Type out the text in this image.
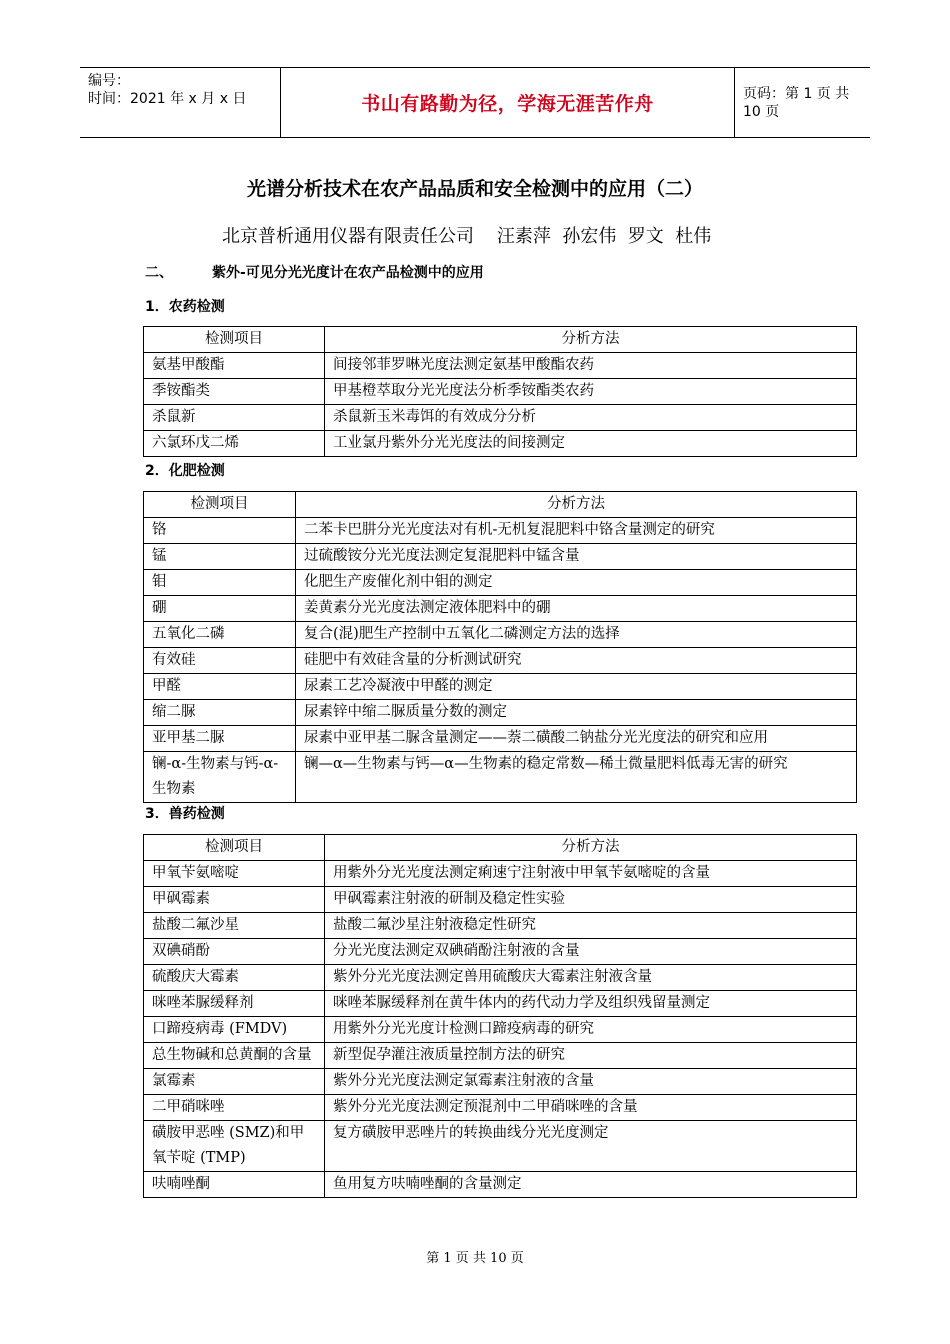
编号：
时间：2021 年 x 月 x 日	书山有路勤为径，学海无涯苦作舟	页码：第 1 页 共 10 页
光谱分析技术在农产品品质和安全检测中的应用（二）
北京普析通用仪器有限责任公司    汪素萍  孙宏伟  罗文  杜伟
二、	紫外-可见分光光度计在农产品检测中的应用
1．农药检测
检测项目	分析方法
氨基甲酸酯	间接邻菲罗啉光度法测定氨基甲酸酯农药
季铵酯类	甲基橙萃取分光光度法分析季铵酯类农药
杀鼠新	杀鼠新玉米毒饵的有效成分分析
六氯环戊二烯	工业氯丹紫外分光光度法的间接测定
2．化肥检测
检测项目	分析方法
铬	二苯卡巴肼分光光度法对有机-无机复混肥料中铬含量测定的研究
锰	过硫酸铵分光光度法测定复混肥料中锰含量
钼	化肥生产废催化剂中钼的测定
硼	姜黄素分光光度法测定液体肥料中的硼
五氧化二磷	复合(混)肥生产控制中五氧化二磷测定方法的选择
有效硅	硅肥中有效硅含量的分析测试研究
甲醛	尿素工艺冷凝液中甲醛的测定
缩二脲	尿素锌中缩二脲质量分数的测定
亚甲基二脲	尿素中亚甲基二脲含量测定——萘二磺酸二钠盐分光光度法的研究和应用
镧-α-生物素与钙-α-生物素	镧—α—生物素与钙—α—生物素的稳定常数—稀土微量肥料低毒无害的研究
3．兽药检测
检测项目	分析方法
甲氧苄氨嘧啶	用紫外分光光度法测定痢速宁注射液中甲氧苄氨嘧啶的含量
甲砜霉素	甲砜霉素注射液的研制及稳定性实验
盐酸二氟沙星	盐酸二氟沙星注射液稳定性研究
双碘硝酚	分光光度法测定双碘硝酚注射液的含量
硫酸庆大霉素	紫外分光光度法测定兽用硫酸庆大霉素注射液含量
咪唑苯脲缓释剂	咪唑苯脲缓释剂在黄牛体内的药代动力学及组织残留量测定
口蹄疫病毒 (FMDV)	用紫外分光光度计检测口蹄疫病毒的研究
总生物碱和总黄酮的含量	新型促孕灌注液质量控制方法的研究
氯霉素	紫外分光光度法测定氯霉素注射液的含量
二甲硝咪唑	紫外分光光度法测定预混剂中二甲硝咪唑的含量
磺胺甲恶唑 (SMZ)和甲氧苄啶 (TMP)	复方磺胺甲恶唑片的转换曲线分光光度测定
呋喃唑酮	鱼用复方呋喃唑酮的含量测定
第 1 页 共 10 页
